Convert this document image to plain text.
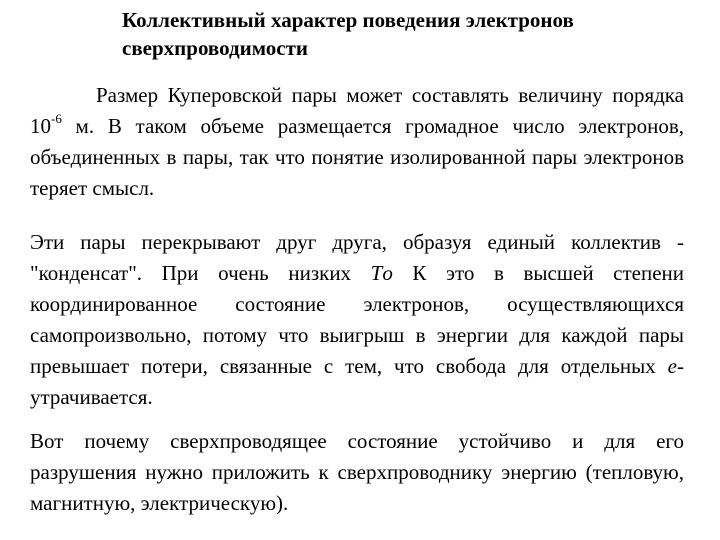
Коллективный характер поведения электронов
сверхпроводимости

Размер Куперовской пары может составлять величину порядка $10^{-6}$ м. В таком объеме размещается громадное число электронов, объединенных в пары, так что понятие изолированной пары электронов теряет смысл.

Эти пары перекрывают друг друга, образуя единый коллектив - "конденсат". При очень низких Tо К это в высшей степени координированное состояние электронов, осуществляющихся самопроизвольно, потому что выигрыш в энергии для каждой пары превышает потери, связанные с тем, что свобода для отдельных e- утрачивается.

Вот почему сверхпроводящее состояние устойчиво и для его разрушения нужно приложить к сверхпроводнику энергию (тепловую, магнитную, электрическую).
